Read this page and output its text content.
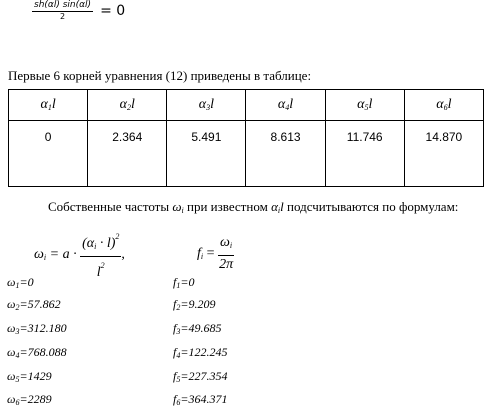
$\frac{sh(\alpha l) \sin(\alpha l)}{2} = 0$
Первые 6 корней уравнения (12) приведены в таблице:
$\alpha_1l$	$\alpha_2l$	$\alpha_3l$	$\alpha_4l$	$\alpha_5l$	$\alpha_6l$
0	2.364	5.491	8.613	11.746	14.870
Собственные частоты $\omega_i$ при известном $\alpha_il$ подсчитываются по формулам:
$\omega_i = a \cdot \frac{(\alpha_i \cdot l)^2}{l^2}$ ,	$f_i = \frac{\omega_i}{2\pi}$
ω1=0
ω2=57.862
ω3=312.180
ω4=768.088
ω5=1429
ω6=2289
f1=0
f2=9.209
f3=49.685
f4=122.245
f5=227.354
f6=364.371
